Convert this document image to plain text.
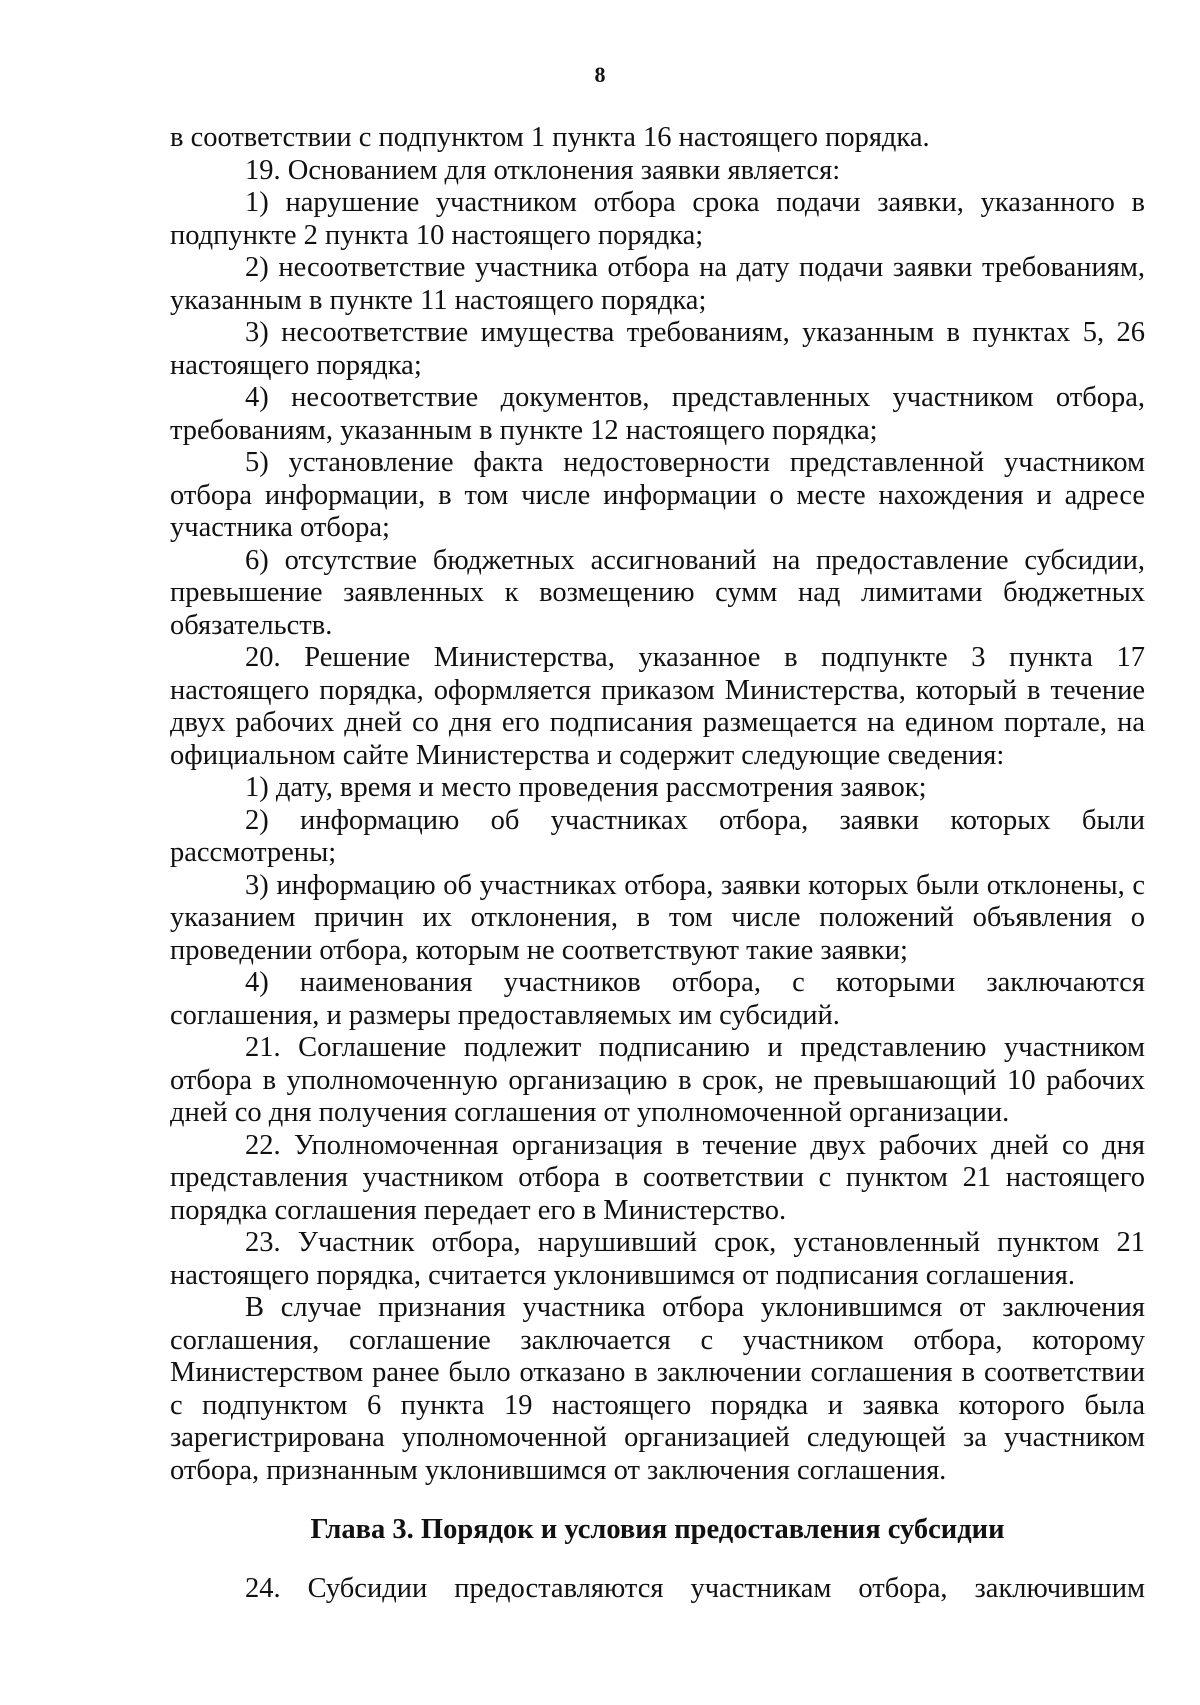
8

в соответствии с подпунктом 1 пункта 16 настоящего порядка.

19. Основанием для отклонения заявки является:

1) нарушение участником отбора срока подачи заявки, указанного в подпункте 2 пункта 10 настоящего порядка;

2) несоответствие участника отбора на дату подачи заявки требованиям, указанным в пункте 11 настоящего порядка;

3) несоответствие имущества требованиям, указанным в пунктах 5, 26 настоящего порядка;

4) несоответствие документов, представленных участником отбора, требованиям, указанным в пункте 12 настоящего порядка;

5) установление факта недостоверности представленной участником отбора информации, в том числе информации о месте нахождения и адресе участника отбора;

6) отсутствие бюджетных ассигнований на предоставление субсидии, превышение заявленных к возмещению сумм над лимитами бюджетных обязательств.

20. Решение Министерства, указанное в подпункте 3 пункта 17 настоящего порядка, оформляется приказом Министерства, который в течение двух рабочих дней со дня его подписания размещается на едином портале, на официальном сайте Министерства и содержит следующие сведения:

1) дату, время и место проведения рассмотрения заявок;

2) информацию об участниках отбора, заявки которых были рассмотрены;

3) информацию об участниках отбора, заявки которых были отклонены, с указанием причин их отклонения, в том числе положений объявления о проведении отбора, которым не соответствуют такие заявки;

4) наименования участников отбора, с которыми заключаются соглашения, и размеры предоставляемых им субсидий.

21. Соглашение подлежит подписанию и представлению участником отбора в уполномоченную организацию в срок, не превышающий 10 рабочих дней со дня получения соглашения от уполномоченной организации.

22. Уполномоченная организация в течение двух рабочих дней со дня представления участником отбора в соответствии с пунктом 21 настоящего порядка соглашения передает его в Министерство.

23. Участник отбора, нарушивший срок, установленный пунктом 21 настоящего порядка, считается уклонившимся от подписания соглашения.

В случае признания участника отбора уклонившимся от заключения соглашения, соглашение заключается с участником отбора, которому Министерством ранее было отказано в заключении соглашения в соответствии с подпунктом 6 пункта 19 настоящего порядка и заявка которого была зарегистрирована уполномоченной организацией следующей за участником отбора, признанным уклонившимся от заключения соглашения.

Глава 3. Порядок и условия предоставления субсидии

24. Субсидии предоставляются участникам отбора, заключившим
